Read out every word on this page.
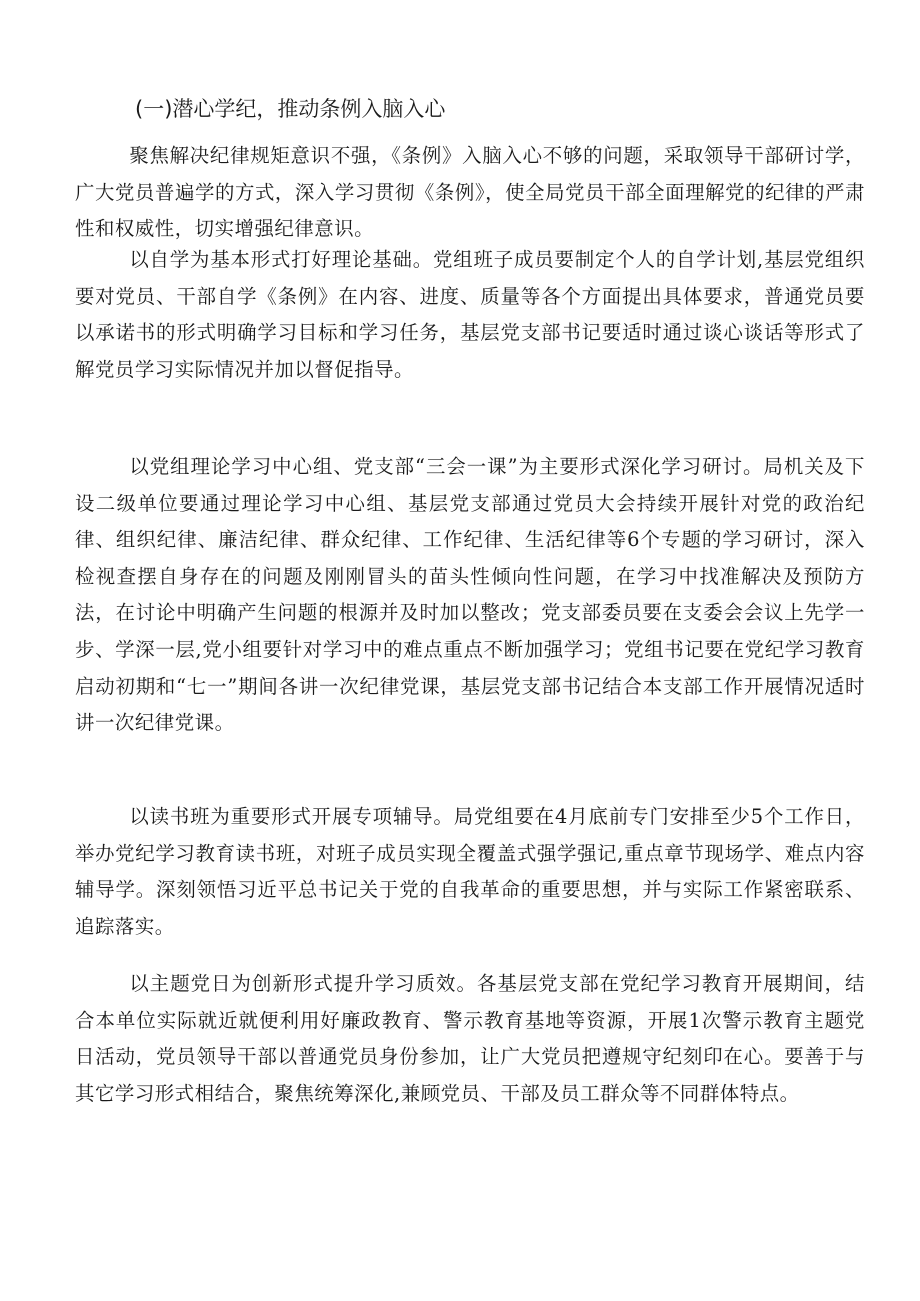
(一)潜心学纪，推动条例入脑入心

聚焦解决纪律规矩意识不强，《条例》入脑入心不够的问题，采取领导干部研讨学，广大党员普遍学的方式，深入学习贯彻《条例》，使全局党员干部全面理解党的纪律的严肃性和权威性，切实增强纪律意识。

以自学为基本形式打好理论基础。党组班子成员要制定个人的自学计划,基层党组织要对党员、干部自学《条例》在内容、进度、质量等各个方面提出具体要求，普通党员要以承诺书的形式明确学习目标和学习任务，基层党支部书记要适时通过谈心谈话等形式了解党员学习实际情况并加以督促指导。

以党组理论学习中心组、党支部“三会一课”为主要形式深化学习研讨。局机关及下设二级单位要通过理论学习中心组、基层党支部通过党员大会持续开展针对党的政治纪律、组织纪律、廉洁纪律、群众纪律、工作纪律、生活纪律等6个专题的学习研讨，深入检视查摆自身存在的问题及刚刚冒头的苗头性倾向性问题，在学习中找准解决及预防方法，在讨论中明确产生问题的根源并及时加以整改；党支部委员要在支委会会议上先学一步、学深一层,党小组要针对学习中的难点重点不断加强学习；党组书记要在党纪学习教育启动初期和“七一”期间各讲一次纪律党课，基层党支部书记结合本支部工作开展情况适时讲一次纪律党课。

以读书班为重要形式开展专项辅导。局党组要在4月底前专门安排至少5个工作日，举办党纪学习教育读书班，对班子成员实现全覆盖式强学强记,重点章节现场学、难点内容辅导学。深刻领悟习近平总书记关于党的自我革命的重要思想，并与实际工作紧密联系、追踪落实。

以主题党日为创新形式提升学习质效。各基层党支部在党纪学习教育开展期间，结合本单位实际就近就便利用好廉政教育、警示教育基地等资源，开展1次警示教育主题党日活动，党员领导干部以普通党员身份参加，让广大党员把遵规守纪刻印在心。要善于与其它学习形式相结合，聚焦统筹深化,兼顾党员、干部及员工群众等不同群体特点。
